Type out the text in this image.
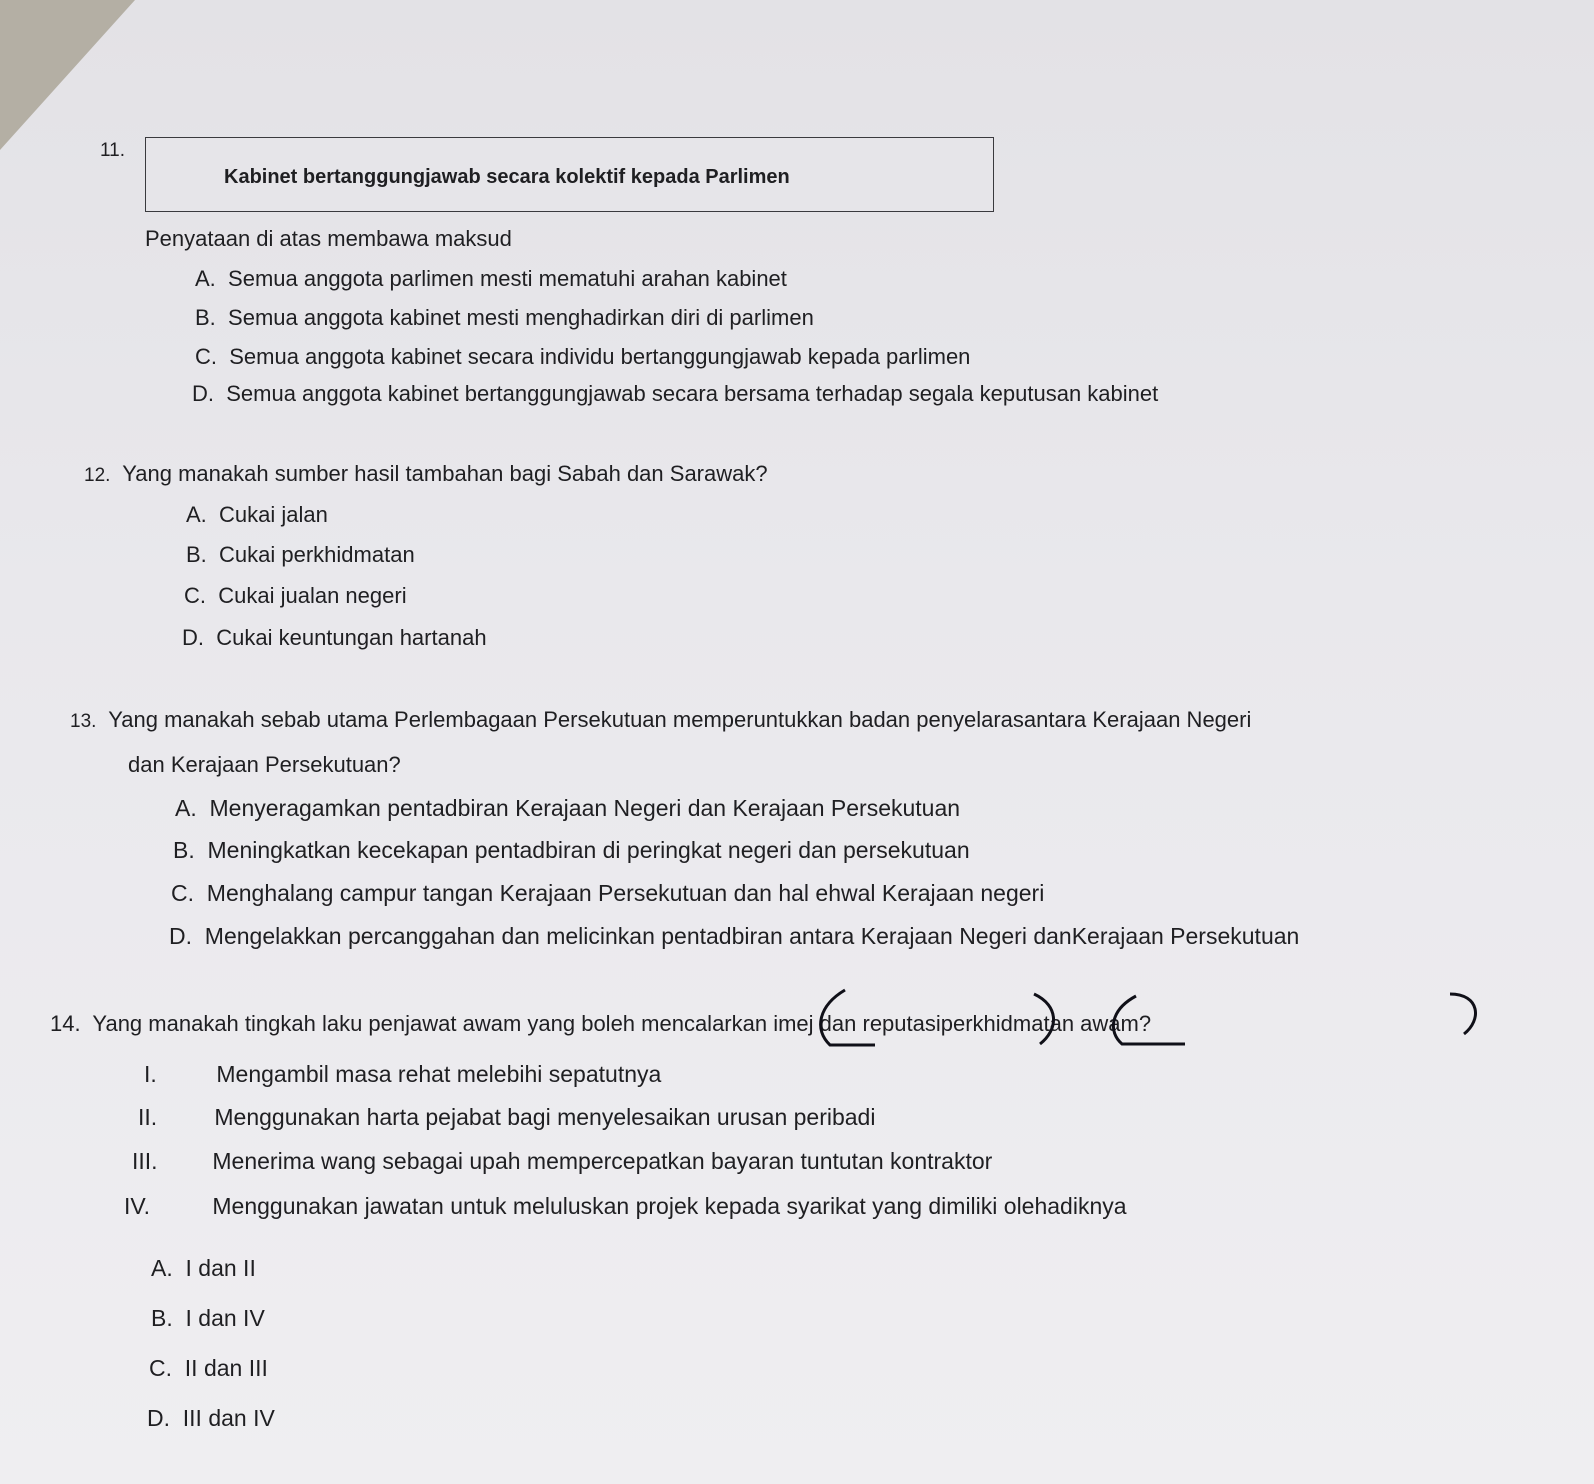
11.
Kabinet bertanggungjawab secara kolektif kepada Parlimen
Penyataan di atas membawa maksud
A. Semua anggota parlimen mesti mematuhi arahan kabinet
B. Semua anggota kabinet mesti menghadirkan diri di parlimen
C. Semua anggota kabinet secara individu bertanggungjawab kepada parlimen
D. Semua anggota kabinet bertanggungjawab secara bersama terhadap segala keputusan kabinet
12. Yang manakah sumber hasil tambahan bagi Sabah dan Sarawak?
A. Cukai jalan
B. Cukai perkhidmatan
C. Cukai jualan negeri
D. Cukai keuntungan hartanah
13. Yang manakah sebab utama Perlembagaan Persekutuan memperuntukkan badan penyelarasantara Kerajaan Negeri
dan Kerajaan Persekutuan?
A. Menyeragamkan pentadbiran Kerajaan Negeri dan Kerajaan Persekutuan
B. Meningkatkan kecekapan pentadbiran di peringkat negeri dan persekutuan
C. Menghalang campur tangan Kerajaan Persekutuan dan hal ehwal Kerajaan negeri
D. Mengelakkan percanggahan dan melicinkan pentadbiran antara Kerajaan Negeri danKerajaan Persekutuan
14. Yang manakah tingkah laku penjawat awam yang boleh mencalarkan imej dan reputasiperkhidmatan awam?
I.	Mengambil masa rehat melebihi sepatutnya
II. Menggunakan harta pejabat bagi menyelesaikan urusan peribadi
III. Menerima wang sebagai upah mempercepatkan bayaran tuntutan kontraktor
IV.	Menggunakan jawatan untuk meluluskan projek kepada syarikat yang dimiliki olehadiknya
A. I dan II
B. I dan IV
C. II dan III
D. III dan IV
